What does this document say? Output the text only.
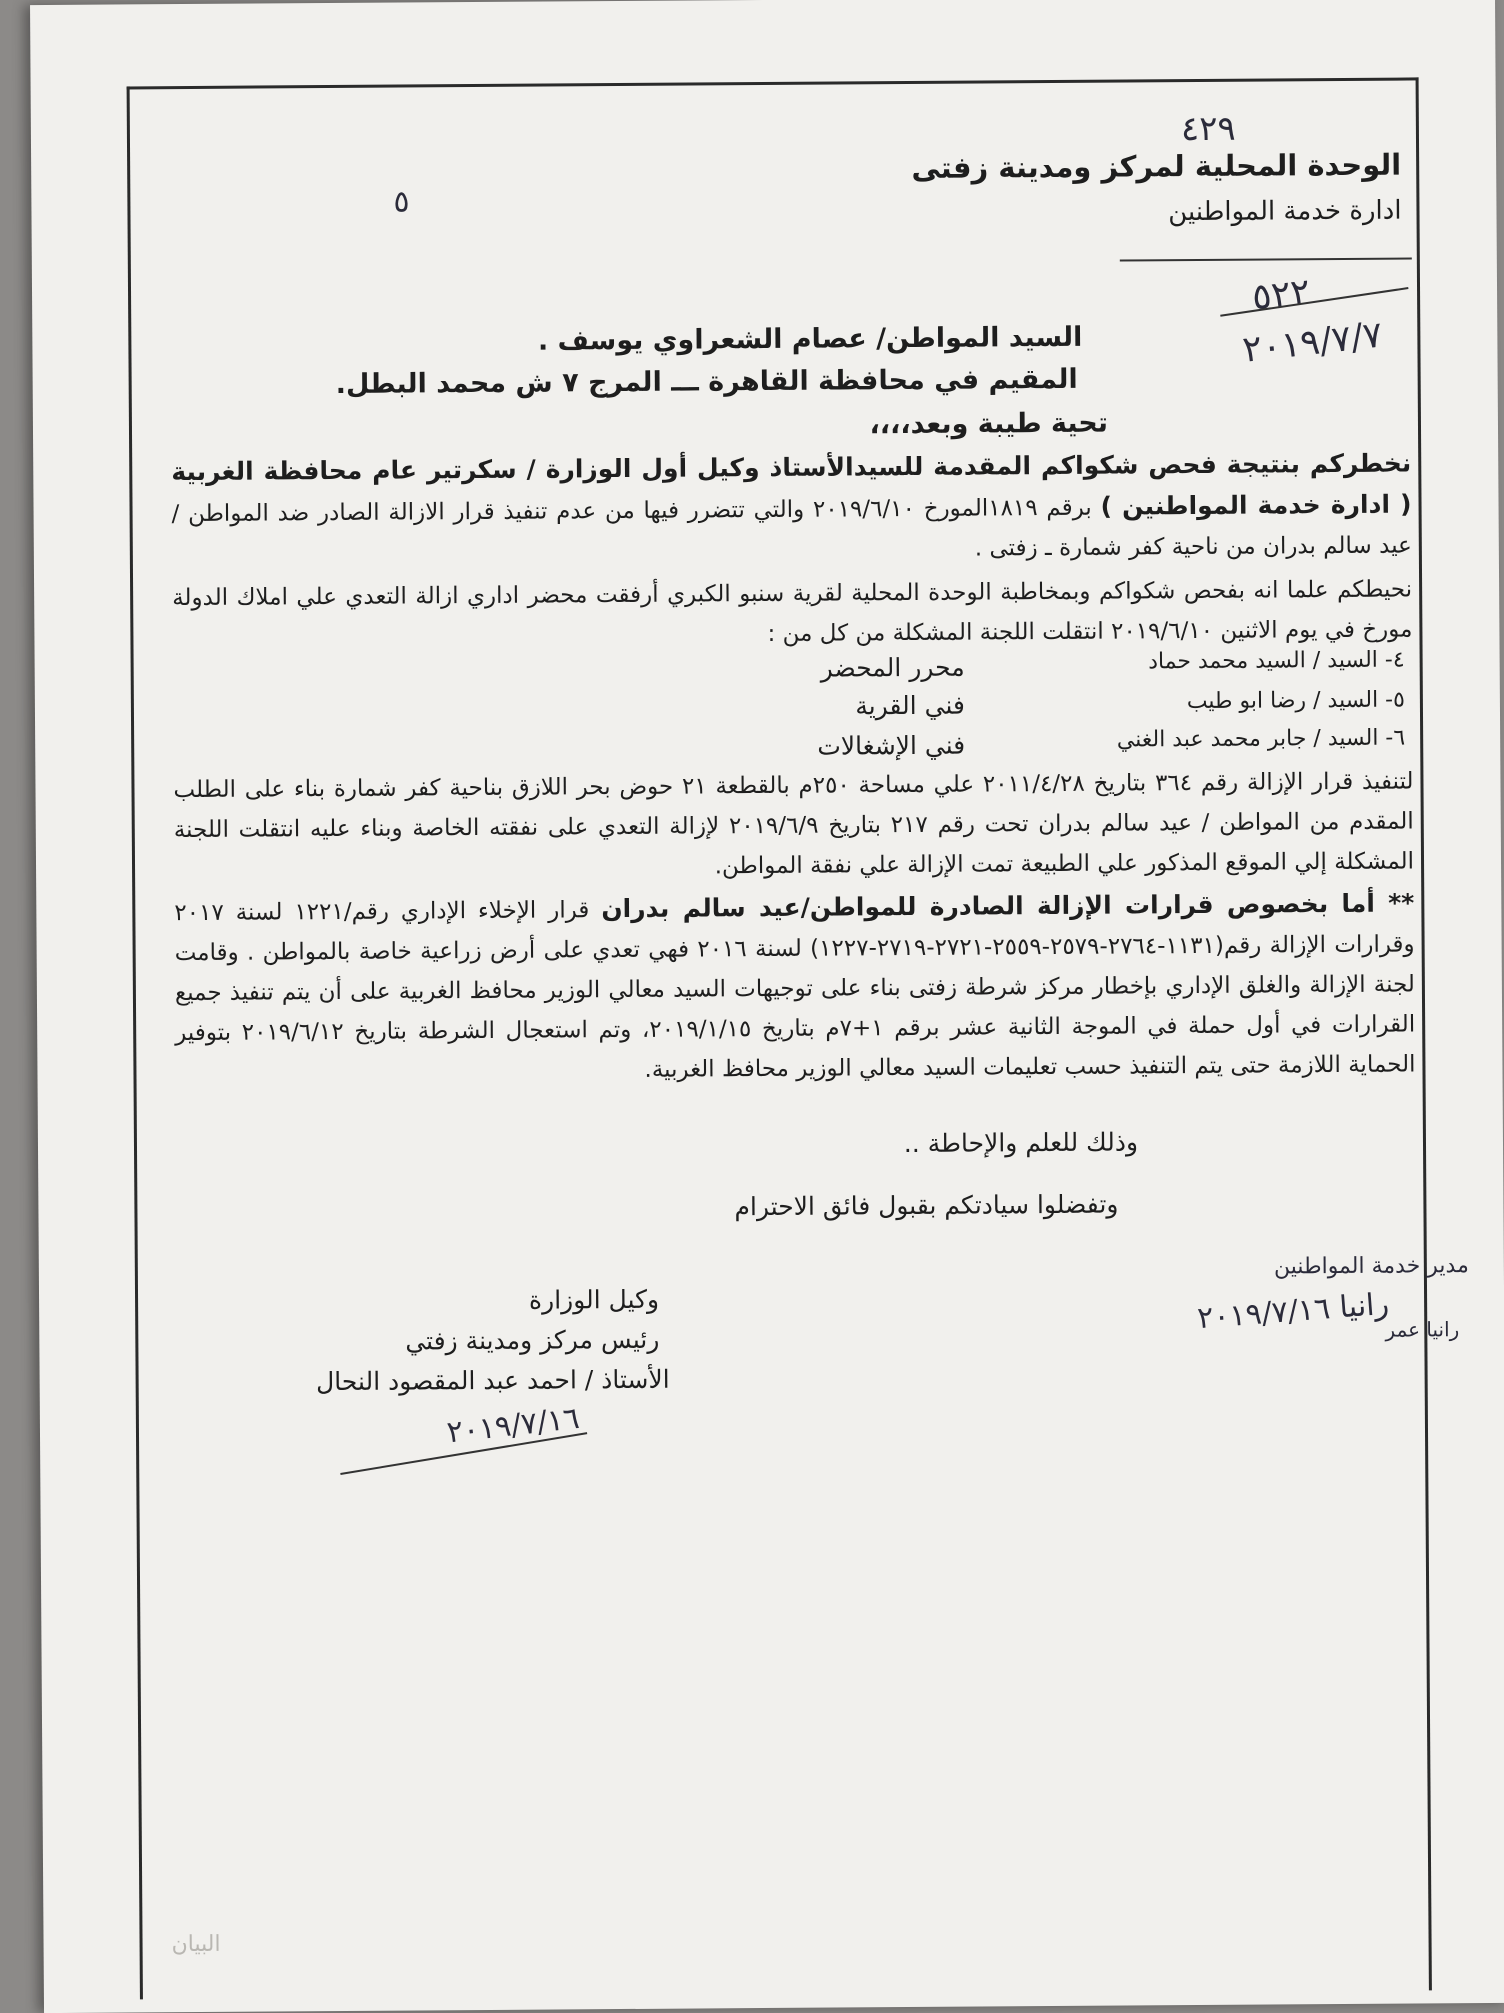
٤٢٩
الوحدة المحلية لمركز ومدينة زفتى
ادارة خدمة المواطنين
٥
٥٢٢
٢٠١٩/٧/٧
السيد المواطن/ عصام الشعراوي يوسف .
المقيم في محافظة القاهرة ـــ المرج ٧ ش محمد البطل.
تحية طيبة وبعد،،،،
نخطركم بنتيجة فحص شكواكم المقدمة للسيدالأستاذ وكيل أول الوزارة / سكرتير عام محافظة الغربية ( ادارة خدمة المواطنين ) برقم ١٨١٩المورخ ٢٠١٩/٦/١٠ والتي تتضرر فيها من عدم تنفيذ قرار الازالة الصادر ضد المواطن / عيد سالم بدران من ناحية كفر شمارة ـ زفتى .
نحيطكم علما انه بفحص شكواكم وبمخاطبة الوحدة المحلية لقرية سنبو الكبري أرفقت محضر اداري ازالة التعدي علي املاك الدولة مورخ في يوم الاثنين ٢٠١٩/٦/١٠ انتقلت اللجنة المشكلة من كل من :
٤- السيد / السيد محمد حماد
محرر المحضر
٥- السيد / رضا ابو طيب
فني القرية
٦- السيد / جابر محمد عبد الغني
فني الإشغالات
لتنفيذ قرار الإزالة رقم ٣٦٤ بتاريخ ٢٠١١/٤/٢٨ علي مساحة ٢٥٠م بالقطعة ٢١ حوض بحر اللازق بناحية كفر شمارة بناء على الطلب المقدم من المواطن / عيد سالم بدران تحت رقم ٢١٧ بتاريخ ٢٠١٩/٦/٩ لإزالة التعدي على نفقته الخاصة وبناء عليه انتقلت اللجنة المشكلة إلي الموقع المذكور علي الطبيعة تمت الإزالة علي نفقة المواطن.
** أما بخصوص قرارات الإزالة الصادرة للمواطن/عيد سالم بدران قرار الإخلاء الإداري رقم/١٢٢١ لسنة ٢٠١٧ وقرارات الإزالة رقم(١١٣١-٢٧٦٤-٢٥٧٩-٢٥٥٩-٢٧٢١-٢٧١٩-١٢٢٧) لسنة ٢٠١٦ فهي تعدي على أرض زراعية خاصة بالمواطن . وقامت لجنة الإزالة والغلق الإداري بإخطار مركز شرطة زفتى بناء على توجيهات السيد معالي الوزير محافظ الغربية على أن يتم تنفيذ جميع القرارات في أول حملة في الموجة الثانية عشر برقم ١+٧م بتاريخ ٢٠١٩/١/١٥، وتم استعجال الشرطة بتاريخ ٢٠١٩/٦/١٢ بتوفير الحماية اللازمة حتى يتم التنفيذ حسب تعليمات السيد معالي الوزير محافظ الغربية.
وذلك للعلم والإحاطة ..
وتفضلوا سيادتكم بقبول فائق الاحترام
مدير خدمة المواطنين
رانيا ٢٠١٩/٧/١٦
رانيا عمر
وكيل الوزارة
رئيس مركز ومدينة زفتي
الأستاذ / احمد عبد المقصود النحال
٢٠١٩/٧/١٦
البيان
